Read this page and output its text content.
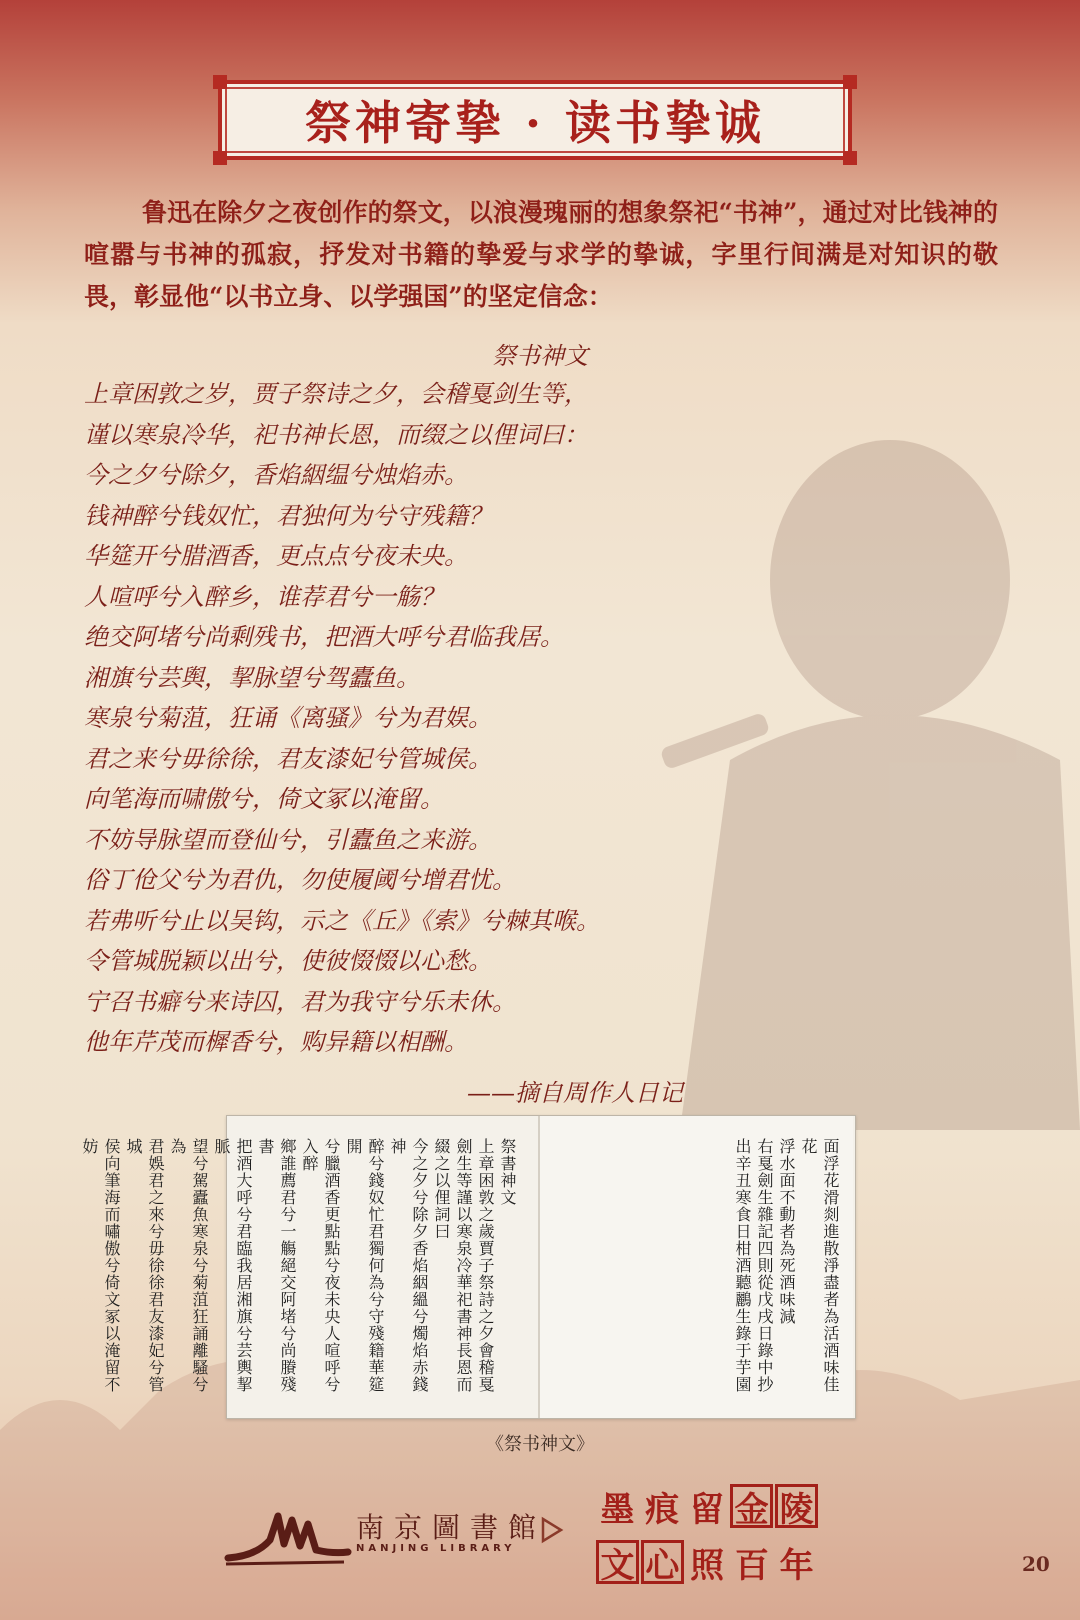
祭神寄挚 · 读书挚诚

鲁迅在除夕之夜创作的祭文，以浪漫瑰丽的想象祭祀“书神”，通过对比钱神的喧嚣与书神的孤寂，抒发对书籍的挚爱与求学的挚诚，字里行间满是对知识的敬畏，彰显他“以书立身、以学强国”的坚定信念：

祭书神文
上章困敦之岁，贾子祭诗之夕，会稽戛剑生等，
谨以寒泉冷华，祀书神长恩，而缀之以俚词曰：
今之夕兮除夕，香焰絪缊兮烛焰赤。
钱神醉兮钱奴忙，君独何为兮守残籍？
华筵开兮腊酒香，更点点兮夜未央。
人喧呼兮入醉乡，谁荐君兮一觞？
绝交阿堵兮尚剩残书，把酒大呼兮君临我居。
湘旗兮芸舆，挈脉望兮驾蠹鱼。
寒泉兮菊菹，狂诵《离骚》兮为君娱。
君之来兮毋徐徐，君友漆妃兮管城侯。
向笔海而啸傲兮，倚文冢以淹留。
不妨导脉望而登仙兮，引蠹鱼之来游。
俗丁伧父兮为君仇，勿使履阈兮增君忧。
若弗听兮止以吴钩，示之《丘》《索》兮棘其喉。
令管城脱颖以出兮，使彼惙惙以心愁。
宁召书癖兮来诗囚，君为我守兮乐未休。
他年芹茂而樨香兮，购异籍以相酬。
——摘自周作人日记
祭書神文
上章困敦之歲賈子祭詩之夕會稽戛
劍生等謹以寒泉冷華祀書神長恩而
綴之以俚詞曰
今之夕兮除夕香焰絪縕兮燭焰赤錢神
醉兮錢奴忙君獨何為兮守殘籍華筵開
兮臘酒香更點點兮夜未央人喧呼兮入醉
鄉誰薦君兮一觴絕交阿堵兮尚賸殘書
把酒大呼兮君臨我居湘旗兮芸輿挈脈
望兮駕蠹魚寒泉兮菊菹狂誦離騷兮為
君娛君之來兮毋徐徐君友漆妃兮管城
侯向筆海而嘯傲兮倚文冢以淹留不妨	面浮花滑剡進散淨盡者為活酒味佳花
浮水面不動者為死酒味減
右戛劍生雜記四則從戊戌日錄中抄
出辛丑寒食日柑酒聽鸝生錄于芋園
《祭书神文》
南京圖書館
NANJING LIBRARY
墨 痕 留 金 陵
文 心 照 百 年	20
